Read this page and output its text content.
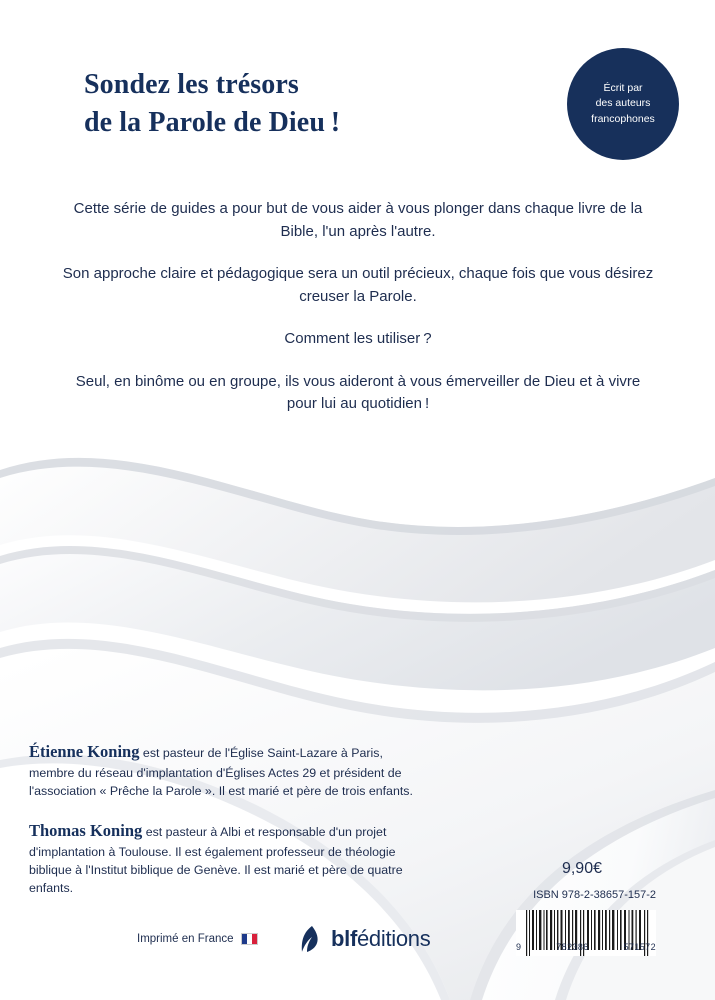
Sondez les trésors
de la Parole de Dieu !
Écrit par
des auteurs
francophones

Cette série de guides a pour but de vous aider à vous plonger dans chaque livre de la Bible, l'un après l'autre.

Son approche claire et pédagogique sera un outil précieux, chaque fois que vous désirez creuser la Parole.

Comment les utiliser ?

Seul, en binôme ou en groupe, ils vous aideront à vous émerveiller de Dieu et à vivre pour lui au quotidien !

Étienne Koning est pasteur de l'Église Saint-Lazare à Paris, membre du réseau d'implantation d'Églises Actes 29 et président de l'association « Prêche la Parole ». Il est marié et père de trois enfants.
Thomas Koning est pasteur à Albi et responsable d'un projet d'implantation à Toulouse. Il est également professeur de théologie biblique à l'Institut biblique de Genève. Il est marié et père de quatre enfants.
9,90€
ISBN 978-2-38657-157-2
9	782386	571572
Imprimé en France	blféditions
